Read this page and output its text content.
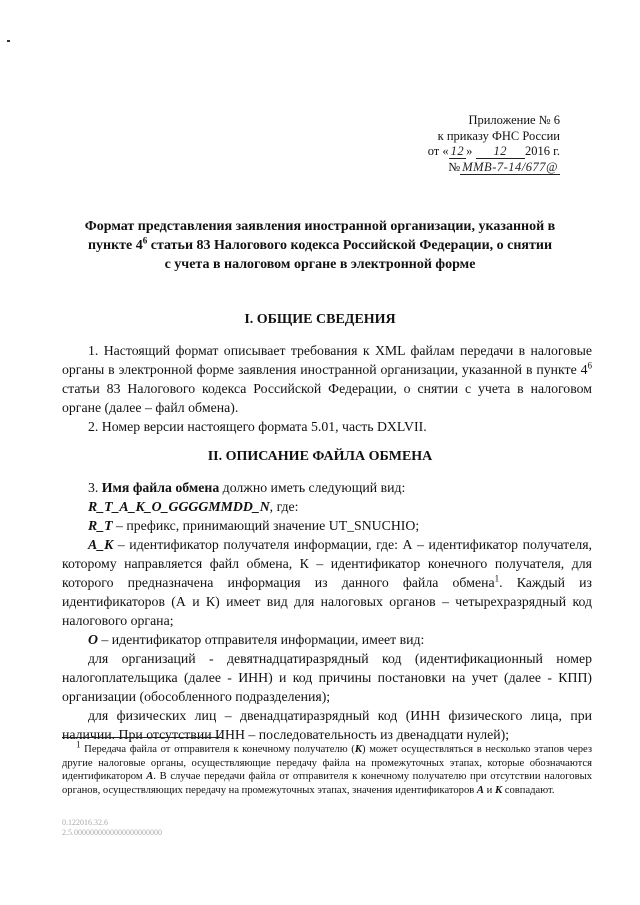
Приложение № 6
к приказу ФНС России
от « 12 » 12 2016 г.
№ ММВ-7-14/677@
Формат представления заявления иностранной организации, указанной в
пункте $4^6$ статьи 83 Налогового кодекса Российской Федерации, о снятии
с учета в налоговом органе в электронной форме
I. ОБЩИЕ СВЕДЕНИЯ

1. Настоящий формат описывает требования к XML файлам передачи в налоговые органы в электронной форме заявления иностранной организации, указанной в пункте $4^6$ статьи 83 Налогового кодекса Российской Федерации, о снятии с учета в налоговом органе (далее – файл обмена).

2. Номер версии настоящего формата 5.01, часть DXLVII.

II. ОПИСАНИЕ ФАЙЛА ОБМЕНА

3. Имя файла обмена должно иметь следующий вид:

R_T_A_K_O_GGGGMMDD_N, где:

R_T – префикс, принимающий значение UT_SNUCHIO;

A_K – идентификатор получателя информации, где: А – идентификатор получателя, которому направляется файл обмена, К – идентификатор конечного получателя, для которого предназначена информация из данного файла обмена$^1$. Каждый из идентификаторов (А и К) имеет вид для налоговых органов – четырехразрядный код налогового органа;

O – идентификатор отправителя информации, имеет вид:

для организаций - девятнадцатиразрядный код (идентификационный номер налогоплательщика (далее - ИНН) и код причины постановки на учет (далее - КПП) организации (обособленного подразделения);

для физических лиц – двенадцатиразрядный код (ИНН физического лица, при наличии. При отсутствии ИНН – последовательность из двенадцати нулей);

$^1$ Передача файла от отправителя к конечному получателю (К) может осуществляться в несколько этапов через другие налоговые органы, осуществляющие передачу файла на промежуточных этапах, которые обозначаются идентификатором А. В случае передачи файла от отправителя к конечному получателю при отсутствии налоговых органов, осуществляющих передачу на промежуточных этапах, значения идентификаторов А и К совпадают.

0.122016.32.6
2.5.0000000000000000000000
